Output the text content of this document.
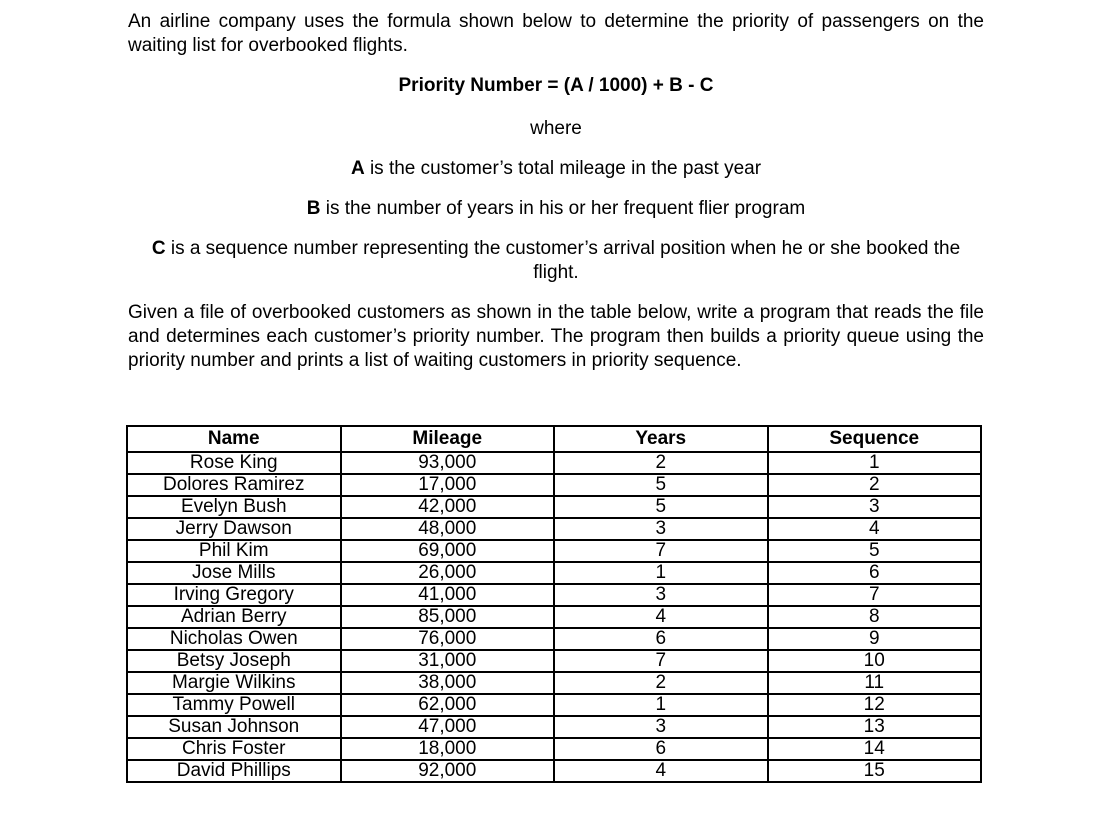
An airline company uses the formula shown below to determine the priority of passengers on the waiting list for overbooked flights.

Priority Number = (A / 1000) + B - C

where

A is the customer’s total mileage in the past year

B is the number of years in his or her frequent flier program

C is a sequence number representing the customer’s arrival position when he or she booked the flight.

Given a file of overbooked customers as shown in the table below, write a program that reads the file and determines each customer’s priority number. The program then builds a priority queue using the priority number and prints a list of waiting customers in priority sequence.

Name	Mileage	Years	Sequence
Rose King	93,000	2	1
Dolores Ramirez	17,000	5	2
Evelyn Bush	42,000	5	3
Jerry Dawson	48,000	3	4
Phil Kim	69,000	7	5
Jose Mills	26,000	1	6
Irving Gregory	41,000	3	7
Adrian Berry	85,000	4	8
Nicholas Owen	76,000	6	9
Betsy Joseph	31,000	7	10
Margie Wilkins	38,000	2	11
Tammy Powell	62,000	1	12
Susan Johnson	47,000	3	13
Chris Foster	18,000	6	14
David Phillips	92,000	4	15
